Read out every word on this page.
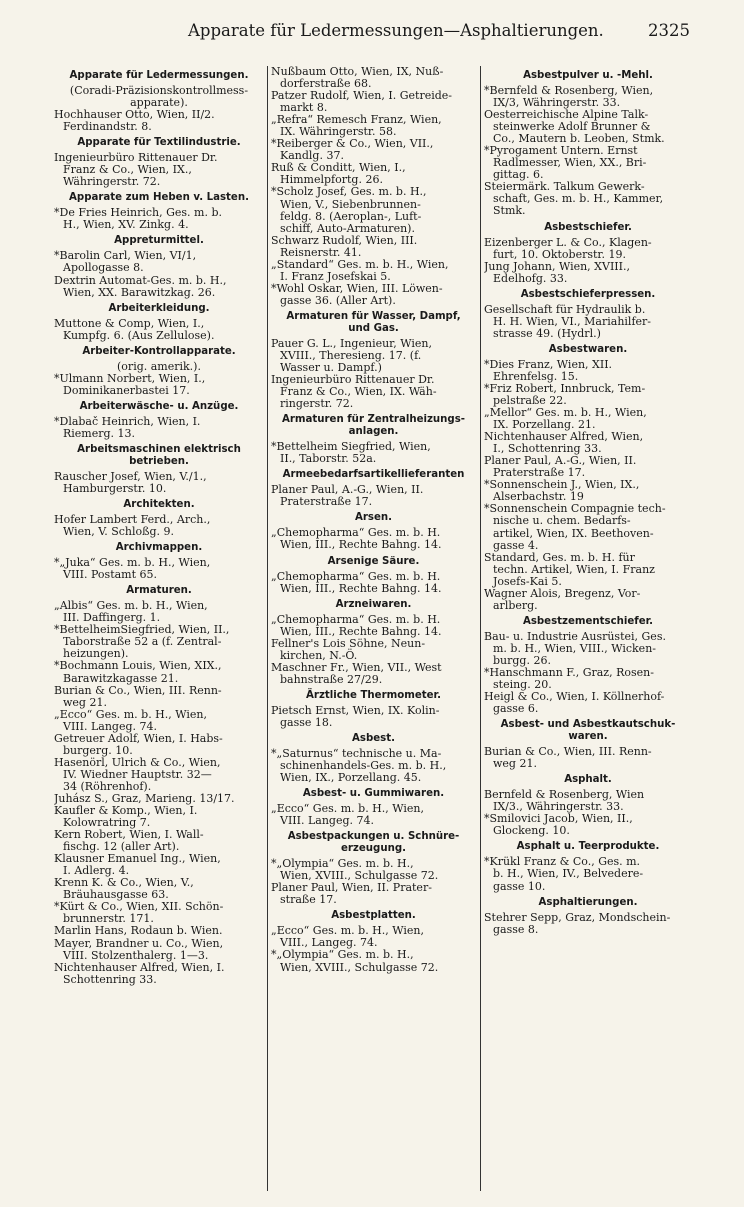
Apparate für Ledermessungen—Asphaltierungen.	2325

Apparate für Ledermessungen.

(Coradi-Präzisionskontrollmess-
apparate).

Hochhauser Otto, Wien, II/2.
Ferdinandstr. 8.

Apparate für Textilindustrie.

Ingenieurbüro Rittenauer Dr.
Franz & Co., Wien, IX.,
Währingerstr. 72.

Apparate zum Heben v. Lasten.

*De Fries Heinrich, Ges. m. b.
H., Wien, XV. Zinkg. 4.

Appreturmittel.

*Barolin Carl, Wien, VI/1,
Apollogasse 8.

Dextrin Automat-Ges. m. b. H.,
Wien, XX. Barawitzkag. 26.

Arbeiterkleidung.

Muttone & Comp, Wien, I.,
Kumpfg. 6. (Aus Zellulose).

Arbeiter-Kontrollapparate.

(orig. amerik.).

*Ulmann Norbert, Wien, I.,
Dominikanerbastei 17.

Arbeiterwäsche- u. Anzüge.

*Dlabač Heinrich, Wien, I.
Riemerg. 13.

Arbeitsmaschinen elektrisch
betrieben.

Rauscher Josef, Wien, V./1.,
Hamburgerstr. 10.

Architekten.

Hofer Lambert Ferd., Arch.,
Wien, V. Schloßg. 9.

Archivmappen.

*„Juka“ Ges. m. b. H., Wien,
VIII. Postamt 65.

Armaturen.

„Albis“ Ges. m. b. H., Wien,
III. Daffingerg. 1.

*BettelheimSiegfried, Wien, II.,
Taborstraße 52 a (f. Zentral-
heizungen).

*Bochmann Louis, Wien, XIX.,
Barawitzkagasse 21.

Burian & Co., Wien, III. Renn-
weg 21.

„Ecco“ Ges. m. b. H., Wien,
VIII. Langeg. 74.

Getreuer Adolf, Wien, I. Habs-
burgerg. 10.

Hasenörl, Ulrich & Co., Wien,
IV. Wiedner Hauptstr. 32—
34 (Röhrenhof).

Juhász S., Graz, Marieng. 13/17.

Kaufler & Komp., Wien, I.
Kolowratring 7.

Kern Robert, Wien, I. Wall-
fischg. 12 (aller Art).

Klausner Emanuel Ing., Wien,
I. Adlerg. 4.

Krenn K. & Co., Wien, V.,
Bräuhausgasse 63.

*Kürt & Co., Wien, XII. Schön-
brunnerstr. 171.

Marlin Hans, Rodaun b. Wien.

Mayer, Brandner u. Co., Wien,
VIII. Stolzenthalerg. 1—3.

Nichtenhauser Alfred, Wien, I.
Schottenring 33.

Nußbaum Otto, Wien, IX, Nuß-
dorferstraße 68.

Patzer Rudolf, Wien, I. Getreide-
markt 8.

„Refra“ Remesch Franz, Wien,
IX. Währingerstr. 58.

*Reiberger & Co., Wien, VII.,
Kandlg. 37.

Ruß & Conditt, Wien, I.,
Himmelpfortg. 26.

*Scholz Josef, Ges. m. b. H.,
Wien, V., Siebenbrunnen-
feldg. 8. (Aeroplan-, Luft-
schiff, Auto-Armaturen).

Schwarz Rudolf, Wien, III.
Reisnerstr. 41.

„Standard“ Ges. m. b. H., Wien,
I. Franz Josefskai 5.

*Wohl Oskar, Wien, III. Löwen-
gasse 36. (Aller Art).

Armaturen für Wasser, Dampf,
und Gas.

Pauer G. L., Ingenieur, Wien,
XVIII., Theresieng. 17. (f.
Wasser u. Dampf.)

Ingenieurbüro Rittenauer Dr.
Franz & Co., Wien, IX. Wäh-
ringerstr. 72.

Armaturen für Zentralheizungs-
anlagen.

*Bettelheim Siegfried, Wien,
II., Taborstr. 52a.

Armeebedarfsartikellieferanten

Planer Paul, A.-G., Wien, II.
Praterstraße 17.

Arsen.

„Chemopharma“ Ges. m. b. H.
Wien, III., Rechte Bahng. 14.

Arsenige Säure.

„Chemopharma“ Ges. m. b. H.
Wien, III., Rechte Bahng. 14.

Arzneiwaren.

„Chemopharma“ Ges. m. b. H.
Wien, III., Rechte Bahng. 14.

Fellner's Lois Söhne, Neun-
kirchen, N.-Ö.

Maschner Fr., Wien, VII., West
bahnstraße 27/29.

Ärztliche Thermometer.

Pietsch Ernst, Wien, IX. Kolin-
gasse 18.

Asbest.

*„Saturnus“ technische u. Ma-
schinenhandels-Ges. m. b. H.,
Wien, IX., Porzellang. 45.

Asbest- u. Gummiwaren.

„Ecco“ Ges. m. b. H., Wien,
VIII. Langeg. 74.

Asbestpackungen u. Schnüre-
erzeugung.

*„Olympia“ Ges. m. b. H.,
Wien, XVIII., Schulgasse 72.

Planer Paul, Wien, II. Prater-
straße 17.

Asbestplatten.

„Ecco“ Ges. m. b. H., Wien,
VIII., Langeg. 74.

*„Olympia“ Ges. m. b. H.,
Wien, XVIII., Schulgasse 72.

Asbestpulver u. -Mehl.

*Bernfeld & Rosenberg, Wien,
IX/3, Währingerstr. 33.

Oesterreichische Alpine Talk-
steinwerke Adolf Brunner &
Co., Mautern b. Leoben, Stmk.

*Pyrogament Untern. Ernst
Radlmesser, Wien, XX., Bri-
gittag. 6.

Steiermärk. Talkum Gewerk-
schaft, Ges. m. b. H., Kammer,
Stmk.

Asbestschiefer.

Eizenberger L. & Co., Klagen-
furt, 10. Oktoberstr. 19.

Jung Johann, Wien, XVIII.,
Edelhofg. 33.

Asbestschieferpressen.

Gesellschaft für Hydraulik b.
H. H. Wien, VI., Mariahilfer-
strasse 49. (Hydrl.)

Asbestwaren.

*Dies Franz, Wien, XII.
Ehrenfelsg. 15.

*Friz Robert, Innbruck, Tem-
pelstraße 22.

„Mellor“ Ges. m. b. H., Wien,
IX. Porzellang. 21.

Nichtenhauser Alfred, Wien,
I., Schottenring 33.

Planer Paul, A.-G., Wien, II.
Praterstraße 17.

*Sonnenschein J., Wien, IX.,
Alserbachstr. 19

*Sonnenschein Compagnie tech-
nische u. chem. Bedarfs-
artikel, Wien, IX. Beethoven-
gasse 4.

Standard, Ges. m. b. H. für
techn. Artikel, Wien, I. Franz
Josefs-Kai 5.

Wagner Alois, Bregenz, Vor-
arlberg.

Asbestzementschiefer.

Bau- u. Industrie Ausrüstei, Ges.
m. b. H., Wien, VIII., Wicken-
burgg. 26.

*Hanschmann F., Graz, Rosen-
steing. 20.

Heigl & Co., Wien, I. Köllnerhof-
gasse 6.

Asbest- und Asbestkautschuk-
waren.

Burian & Co., Wien, III. Renn-
weg 21.

Asphalt.

Bernfeld & Rosenberg, Wien
IX/3., Währingerstr. 33.

*Smilovici Jacob, Wien, II.,
Glockeng. 10.

Asphalt u. Teerprodukte.

*Krükl Franz & Co., Ges. m.
b. H., Wien, IV., Belvedere-
gasse 10.

Asphaltierungen.

Stehrer Sepp, Graz, Mondschein-
gasse 8.
